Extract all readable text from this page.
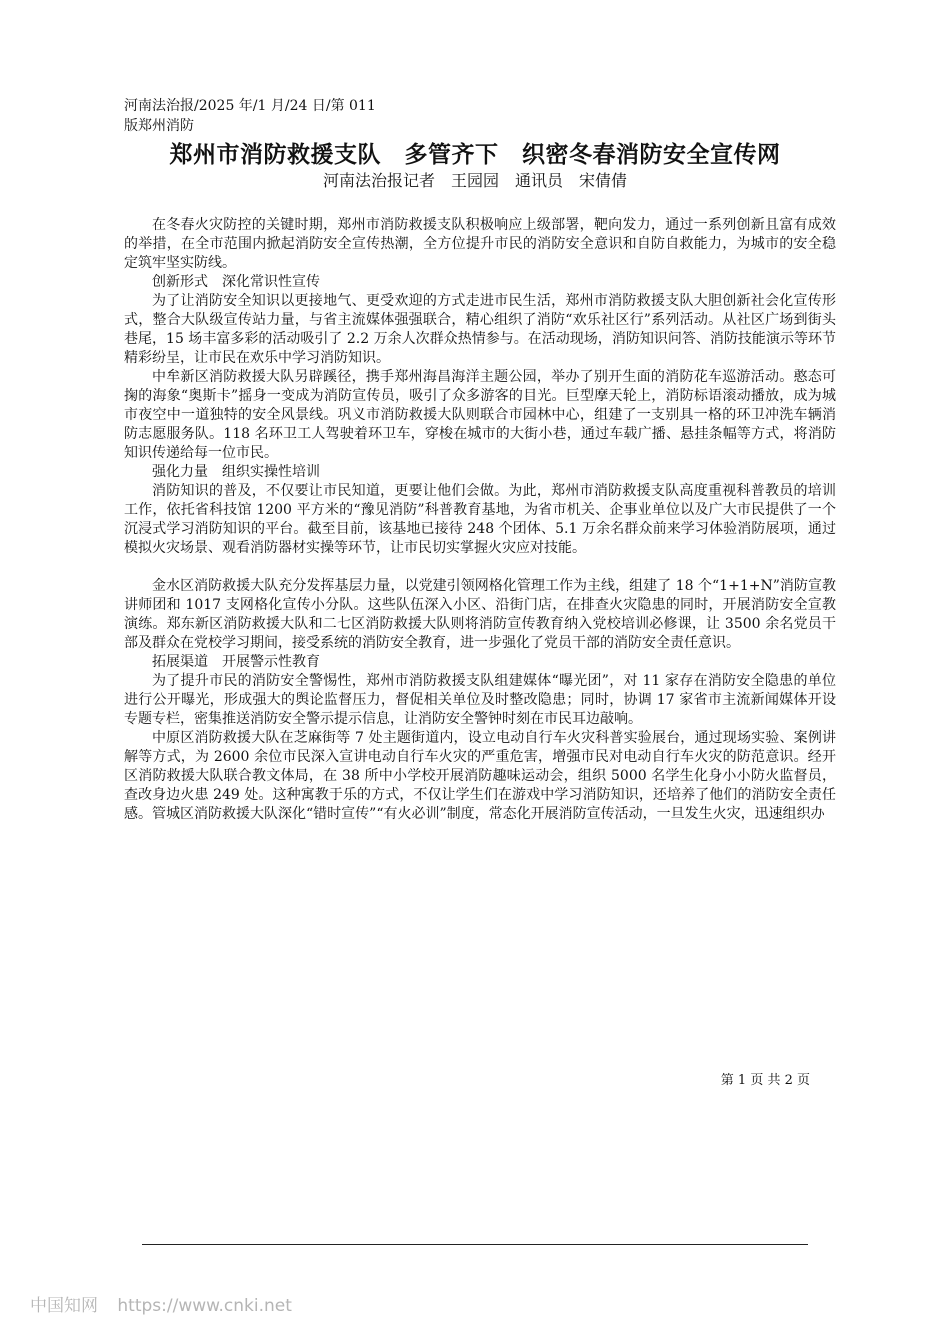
河南法治报/2025 年/1 月/24 日/第 011
版郑州消防
郑州市消防救援支队　多管齐下　织密冬春消防安全宣传网
河南法治报记者　王园园　通讯员　宋倩倩

在冬春火灾防控的关键时期，郑州市消防救援支队积极响应上级部署，靶向发力，通过一系列创新且富有成效的举措，在全市范围内掀起消防安全宣传热潮，全方位提升市民的消防安全意识和自防自救能力，为城市的安全稳定筑牢坚实防线。

创新形式　深化常识性宣传

为了让消防安全知识以更接地气、更受欢迎的方式走进市民生活，郑州市消防救援支队大胆创新社会化宣传形式，整合大队级宣传站力量，与省主流媒体强强联合，精心组织了消防“欢乐社区行”系列活动。从社区广场到街头巷尾，15 场丰富多彩的活动吸引了 2.2 万余人次群众热情参与。在活动现场，消防知识问答、消防技能演示等环节精彩纷呈，让市民在欢乐中学习消防知识。

中牟新区消防救援大队另辟蹊径，携手郑州海昌海洋主题公园，举办了别开生面的消防花车巡游活动。憨态可掬的海象“奥斯卡”摇身一变成为消防宣传员，吸引了众多游客的目光。巨型摩天轮上，消防标语滚动播放，成为城市夜空中一道独特的安全风景线。巩义市消防救援大队则联合市园林中心，组建了一支别具一格的环卫冲洗车辆消防志愿服务队。118 名环卫工人驾驶着环卫车，穿梭在城市的大街小巷，通过车载广播、悬挂条幅等方式，将消防知识传递给每一位市民。

强化力量　组织实操性培训

消防知识的普及，不仅要让市民知道，更要让他们会做。为此，郑州市消防救援支队高度重视科普教员的培训工作，依托省科技馆 1200 平方米的“豫见消防”科普教育基地，为省市机关、企事业单位以及广大市民提供了一个沉浸式学习消防知识的平台。截至目前，该基地已接待 248 个团体、5.1 万余名群众前来学习体验消防展项，通过模拟火灾场景、观看消防器材实操等环节，让市民切实掌握火灾应对技能。

金水区消防救援大队充分发挥基层力量，以党建引领网格化管理工作为主线，组建了 18 个“1+1+N”消防宣教讲师团和 1017 支网格化宣传小分队。这些队伍深入小区、沿街门店，在排查火灾隐患的同时，开展消防安全宣教演练。郑东新区消防救援大队和二七区消防救援大队则将消防宣传教育纳入党校培训必修课，让 3500 余名党员干部及群众在党校学习期间，接受系统的消防安全教育，进一步强化了党员干部的消防安全责任意识。

拓展渠道　开展警示性教育

为了提升市民的消防安全警惕性，郑州市消防救援支队组建媒体“曝光团”，对 11 家存在消防安全隐患的单位进行公开曝光，形成强大的舆论监督压力，督促相关单位及时整改隐患；同时，协调 17 家省市主流新闻媒体开设专题专栏，密集推送消防安全警示提示信息，让消防安全警钟时刻在市民耳边敲响。

中原区消防救援大队在芝麻街等 7 处主题街道内，设立电动自行车火灾科普实验展台，通过现场实验、案例讲解等方式，为 2600 余位市民深入宣讲电动自行车火灾的严重危害，增强市民对电动自行车火灾的防范意识。经开区消防救援大队联合教文体局，在 38 所中小学校开展消防趣味运动会，组织 5000 名学生化身小小防火监督员，查改身边火患 249 处。这种寓教于乐的方式，不仅让学生们在游戏中学习消防知识，还培养了他们的消防安全责任感。管城区消防救援大队深化“错时宣传”“有火必训”制度，常态化开展消防宣传活动，一旦发生火灾，迅速组织办

第 1 页 共 2 页
中国知网 https://www.cnki.net
